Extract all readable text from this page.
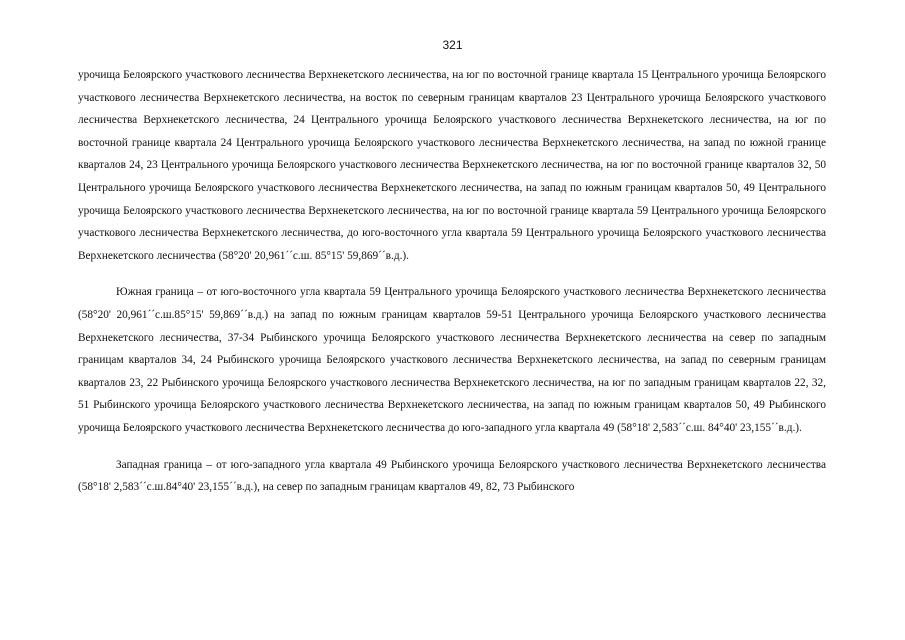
321

урочища Белоярского участкового лесничества Верхнекетского лесничества, на юг по восточной границе квартала 15 Центрального урочища Белоярского участкового лесничества Верхнекетского лесничества, на восток по северным границам кварталов 23 Центрального урочища Белоярского участкового лесничества Верхнекетского лесничества, 24 Центрального урочища Белоярского участкового лесничества Верхнекетского лесничества, на юг по восточной границе квартала 24 Центрального урочища Белоярского участкового лесничества Верхнекетского лесничества, на запад по южной границе кварталов 24, 23 Центрального урочища Белоярского участкового лесничества Верхнекетского лесничества, на юг по восточной границе кварталов 32, 50 Центрального урочища Белоярского участкового лесничества Верхнекетского лесничества, на запад по южным границам кварталов 50, 49 Центрального урочища Белоярского участкового лесничества Верхнекетского лесничества, на юг по восточной границе квартала 59 Центрального урочища Белоярского участкового лесничества Верхнекетского лесничества, до юго-восточного угла квартала 59 Центрального урочища Белоярского участкового лесничества Верхнекетского лесничества (58°20' 20,961´´с.ш. 85°15' 59,869´´в.д.).

Южная граница – от юго-восточного угла квартала 59 Центрального урочища Белоярского участкового лесничества Верхнекетского лесничества (58°20' 20,961´´с.ш.85°15' 59,869´´в.д.) на запад по южным границам кварталов 59-51 Центрального урочища Белоярского участкового лесничества Верхнекетского лесничества, 37-34 Рыбинского урочища Белоярского участкового лесничества Верхнекетского лесничества на север по западным границам кварталов 34, 24 Рыбинского урочища Белоярского участкового лесничества Верхнекетского лесничества, на запад по северным границам кварталов 23, 22 Рыбинского урочища Белоярского участкового лесничества Верхнекетского лесничества, на юг по западным границам кварталов 22, 32, 51 Рыбинского урочища Белоярского участкового лесничества Верхнекетского лесничества, на запад по южным границам кварталов 50, 49 Рыбинского урочища Белоярского участкового лесничества Верхнекетского лесничества до юго-западного угла квартала 49 (58°18' 2,583´´с.ш. 84°40' 23,155´´в.д.).

Западная граница – от юго-западного угла квартала 49 Рыбинского урочища Белоярского участкового лесничества Верхнекетского лесничества (58°18' 2,583´´с.ш.84°40' 23,155´´в.д.), на север по западным границам кварталов 49, 82, 73 Рыбинского
